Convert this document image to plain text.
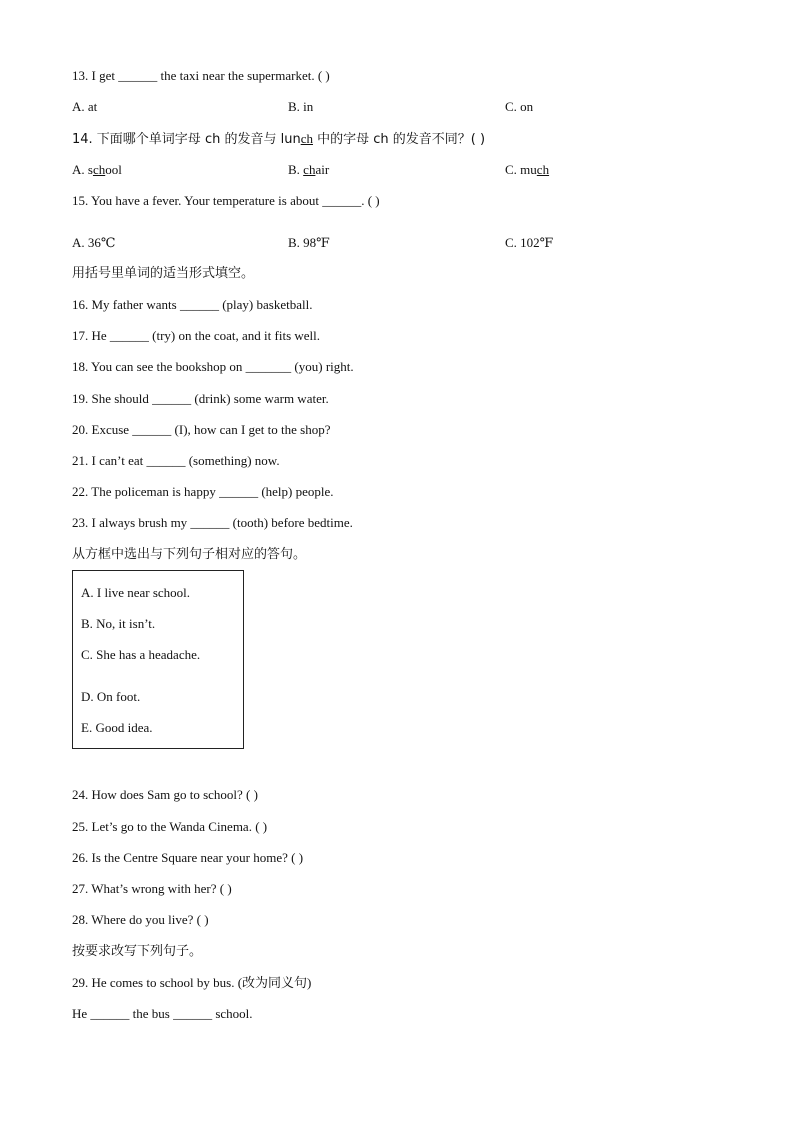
13. I get ______ the taxi near the supermarket. ( )
A. at	B. in	C. on
14. 下面哪个单词字母 ch 的发音与 lunch 中的字母 ch 的发音不同？( )
A. school	B. chair	C. much
15. You have a fever. Your temperature is about ______. ( )
A. 36℃	B. 98℉	C. 102℉
用括号里单词的适当形式填空。
16. My father wants ______ (play) basketball.
17. He ______ (try) on the coat, and it fits well.
18. You can see the bookshop on _______ (you) right.
19. She should ______ (drink) some warm water.
20. Excuse ______ (I), how can I get to the shop?
21. I can’t eat ______ (something) now.
22. The policeman is happy ______ (help) people.
23. I always brush my ______ (tooth) before bedtime.
从方框中选出与下列句子相对应的答句。
A. I live near school.
B. No, it isn’t.
C. She has a headache.
D. On foot.
E. Good idea.
24. How does Sam go to school? ( )
25. Let’s go to the Wanda Cinema. ( )
26. Is the Centre Square near your home? ( )
27. What’s wrong with her? ( )
28. Where do you live? ( )
按要求改写下列句子。
29. He comes to school by bus. (改为同义句)
He ______ the bus ______ school.
